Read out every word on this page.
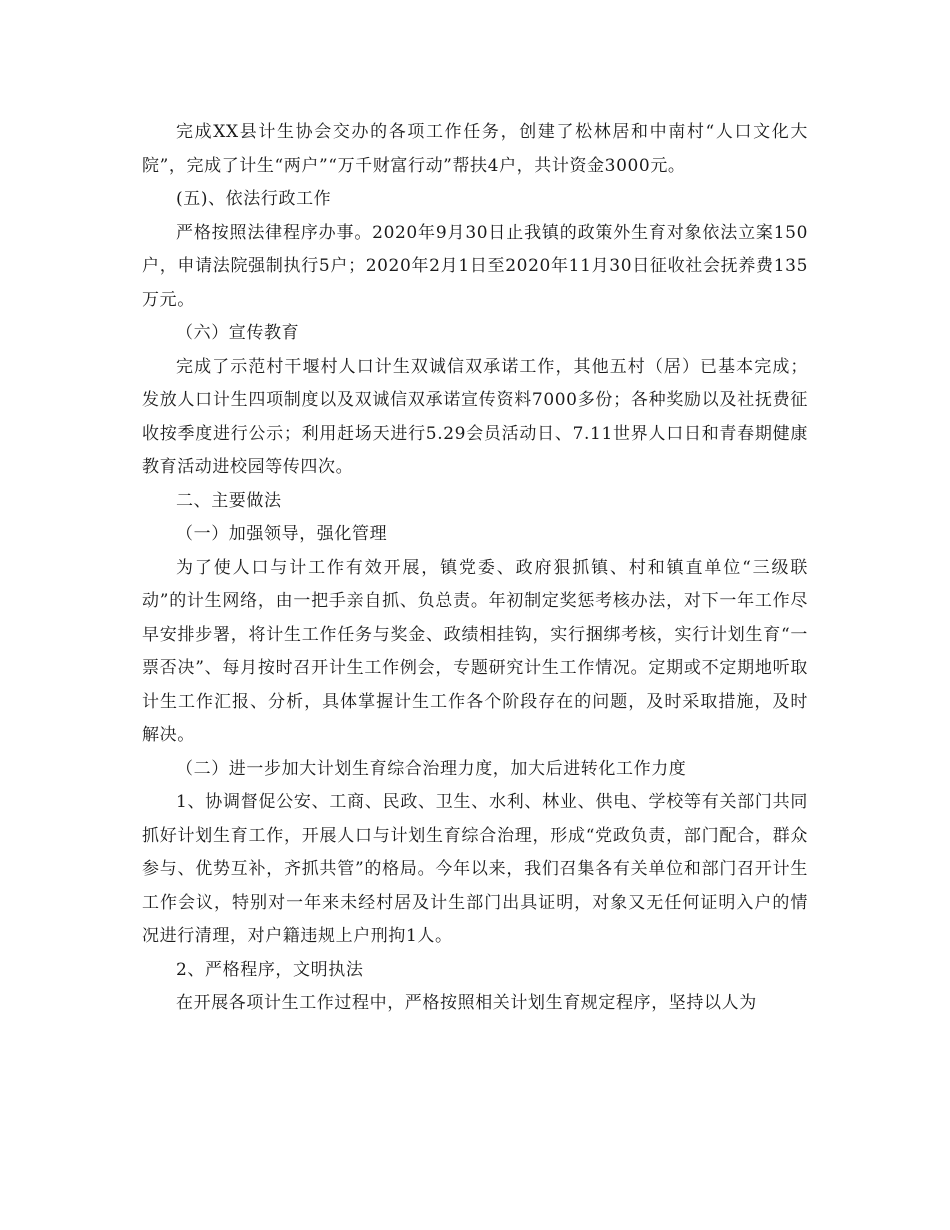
完成XX县计生协会交办的各项工作任务，创建了松林居和中南村“人口文化大院”，完成了计生“两户”“万千财富行动”帮扶4户，共计资金3000元。

(五)、依法行政工作

严格按照法律程序办事。2020年9月30日止我镇的政策外生育对象依法立案150户，申请法院强制执行5户；2020年2月1日至2020年11月30日征收社会抚养费135万元。

（六）宣传教育

完成了示范村干堰村人口计生双诚信双承诺工作，其他五村（居）已基本完成；发放人口计生四项制度以及双诚信双承诺宣传资料7000多份；各种奖励以及社抚费征收按季度进行公示；利用赶场天进行5.29会员活动日、7.11世界人口日和青春期健康教育活动进校园等传四次。

二、主要做法

（一）加强领导，强化管理

为了使人口与计工作有效开展，镇党委、政府狠抓镇、村和镇直单位“三级联动”的计生网络，由一把手亲自抓、负总责。年初制定奖惩考核办法，对下一年工作尽早安排步署，将计生工作任务与奖金、政绩相挂钩，实行捆绑考核，实行计划生育“一票否决”、每月按时召开计生工作例会，专题研究计生工作情况。定期或不定期地听取计生工作汇报、分析，具体掌握计生工作各个阶段存在的问题，及时采取措施，及时解决。

（二）进一步加大计划生育综合治理力度，加大后进转化工作力度

1、协调督促公安、工商、民政、卫生、水利、林业、供电、学校等有关部门共同抓好计划生育工作，开展人口与计划生育综合治理，形成“党政负责，部门配合，群众参与、优势互补，齐抓共管”的格局。今年以来，我们召集各有关单位和部门召开计生工作会议，特别对一年来未经村居及计生部门出具证明，对象又无任何证明入户的情况进行清理，对户籍违规上户刑拘1人。

2、严格程序，文明执法

在开展各项计生工作过程中，严格按照相关计划生育规定程序，坚持以人为
